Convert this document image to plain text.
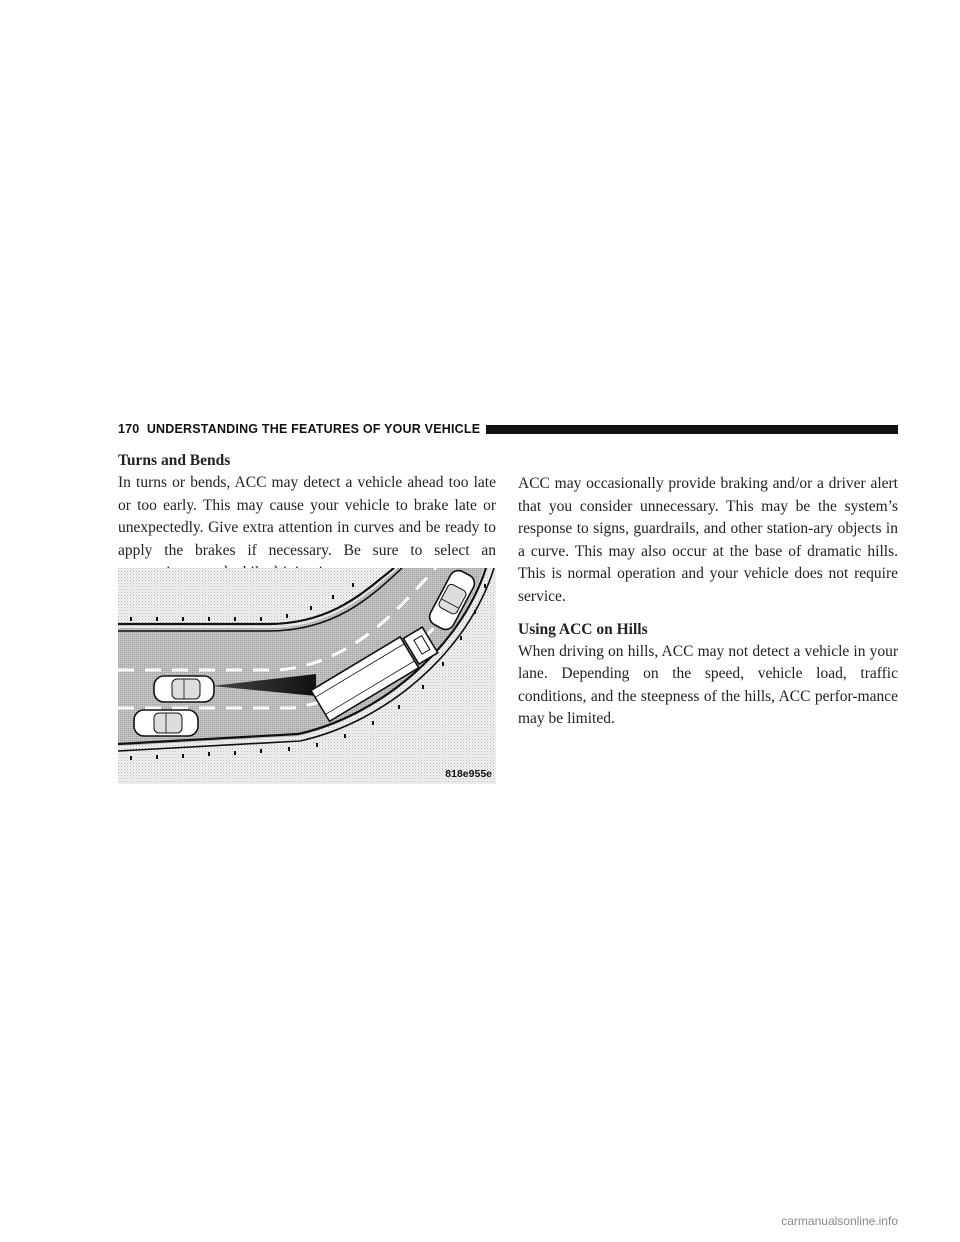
170 UNDERSTANDING THE FEATURES OF YOUR VEHICLE
Turns and Bends

In turns or bends, ACC may detect a vehicle ahead too late or too early. This may cause your vehicle to brake late or unexpectedly. Give extra attention in curves and be ready to apply the brakes if necessary. Be sure to select an

818e955e

ACC may occasionally provide braking and/or a driver alert that you consider unnecessary. This may be the system’s response to signs, guardrails, and other station-ary objects in a curve. This may also occur at the base of dramatic hills. This is normal operation and your vehicle does not require service.

Using ACC on Hills

When driving on hills, ACC may not detect a vehicle in your lane. Depending on the speed, vehicle load, traffic conditions, and the steepness of the hills, ACC perfor-mance may be limited.

carmanualsonline.info
